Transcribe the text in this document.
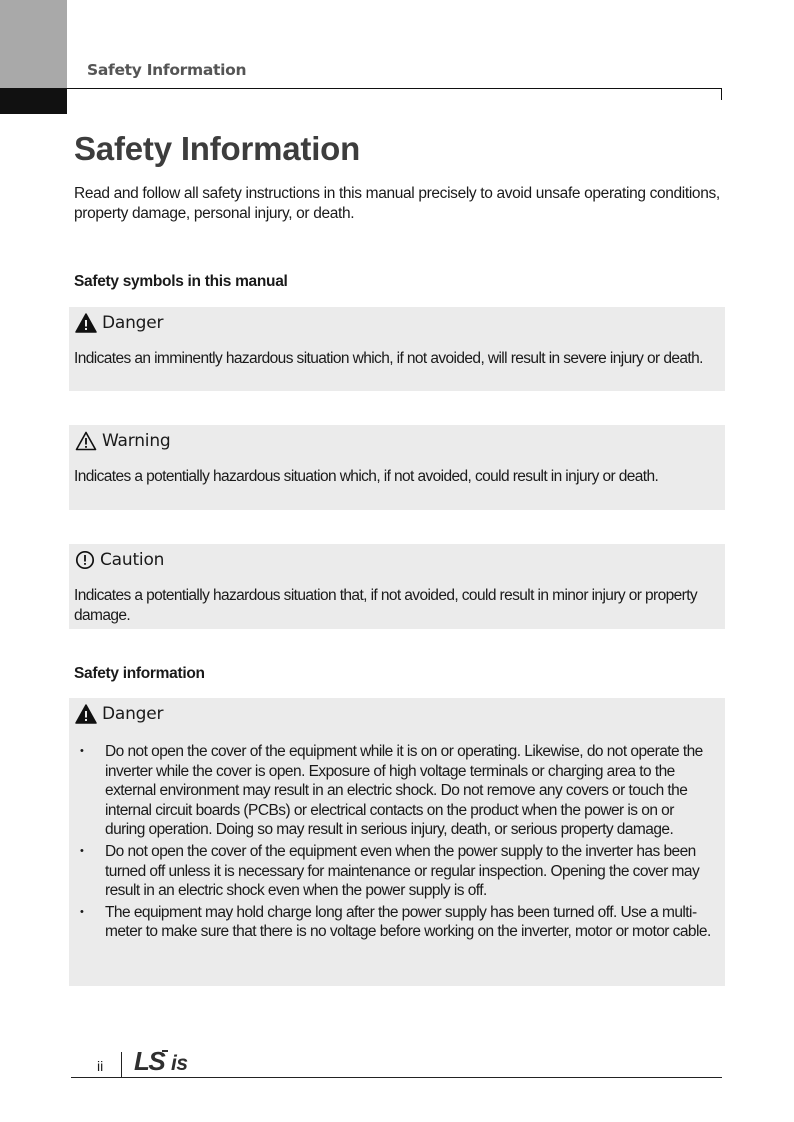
Safety Information
Safety Information

Read and follow all safety instructions in this manual precisely to avoid unsafe operating conditions, property damage, personal injury, or death.

Safety symbols in this manual
Danger

Indicates an imminently hazardous situation which, if not avoided, will result in severe injury or death.

Warning

Indicates a potentially hazardous situation which, if not avoided, could result in injury or death.

Caution

Indicates a potentially hazardous situation that, if not avoided, could result in minor injury or property damage.

Safety information
Danger
• Do not open the cover of the equipment while it is on or operating. Likewise, do not operate the inverter while the cover is open. Exposure of high voltage terminals or charging area to the external environment may result in an electric shock. Do not remove any covers or touch the internal circuit boards (PCBs) or electrical contacts on the product when the power is on or during operation. Doing so may result in serious injury, death, or serious property damage.
• Do not open the cover of the equipment even when the power supply to the inverter has been turned off unless it is necessary for maintenance or regular inspection. Opening the cover may result in an electric shock even when the power supply is off.
• The equipment may hold charge long after the power supply has been turned off. Use a multi-meter to make sure that there is no voltage before working on the inverter, motor or motor cable.
ii LS is
